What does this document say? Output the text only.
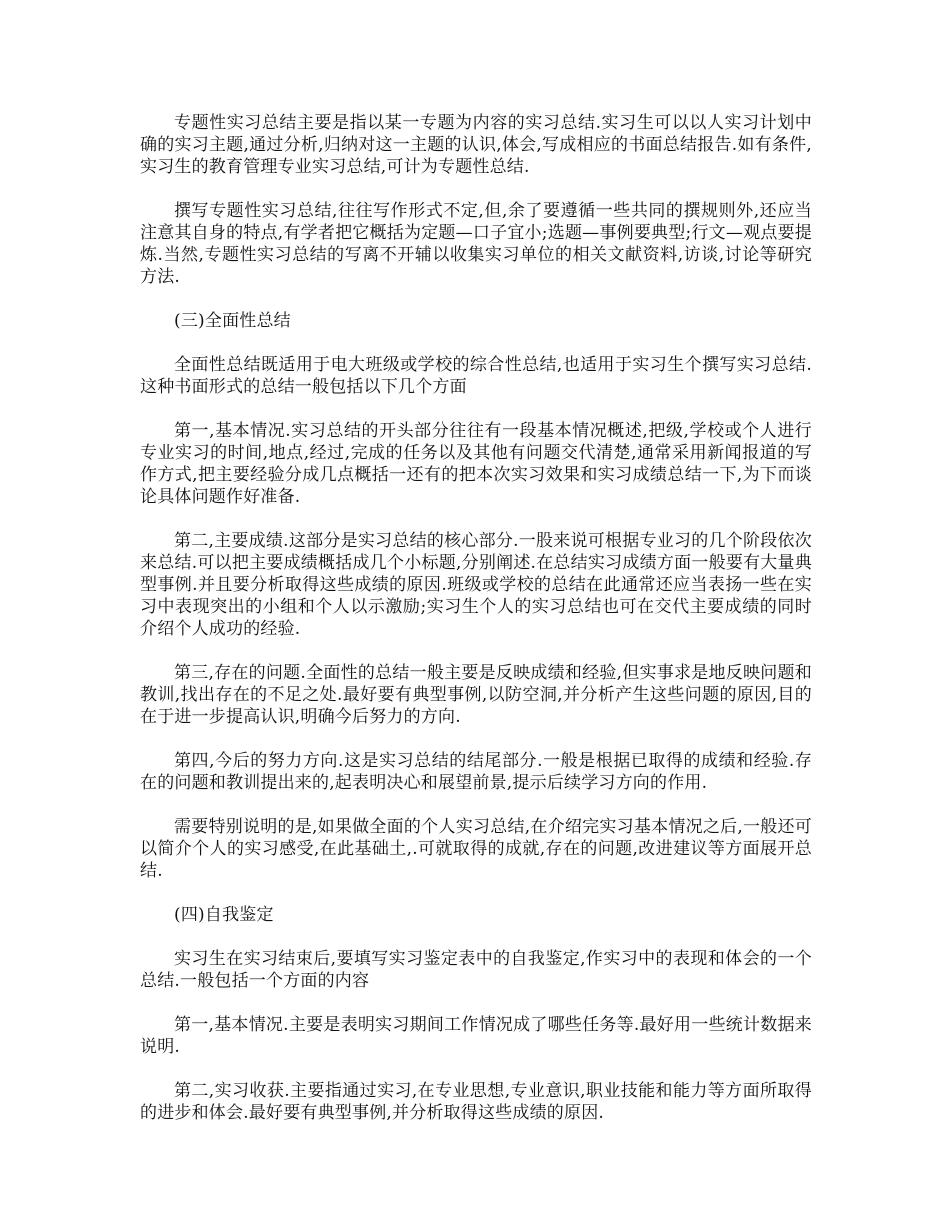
专题性实习总结主要是指以某一专题为内容的实习总结.实习生可以以人实习计划中确的实习主题,通过分析,归纳对这一主题的认识,体会,写成相应的书面总结报告.如有条件,实习生的教育管理专业实习总结,可计为专题性总结.

撰写专题性实习总结,往往写作形式不定,但,余了要遵循一些共同的撰规则外,还应当注意其自身的特点,有学者把它概括为定题—口子宜小;选题—事例要典型;行文—观点要提炼.当然,专题性实习总结的写离不开辅以收集实习单位的相关文献资料,访谈,讨论等研究方法.

(三)全面性总结

全面性总结既适用于电大班级或学校的综合性总结,也适用于实习生个撰写实习总结.这种书面形式的总结一般包括以下几个方面

第一,基本情况.实习总结的开头部分往往有一段基本情况概述,把级,学校或个人进行专业实习的时间,地点,经过,完成的任务以及其他有问题交代清楚,通常采用新闻报道的写作方式,把主要经验分成几点概括一还有的把本次实习效果和实习成绩总结一下,为下而谈论具体问题作好准备.

第二,主要成绩.这部分是实习总结的核心部分.一股来说可根据专业习的几个阶段依次来总结.可以把主要成绩概括成几个小标题,分别阐述.在总结实习成绩方面一般要有大量典型事例.并且要分析取得这些成绩的原因.班级或学校的总结在此通常还应当表扬一些在实习中表现突出的小组和个人以示激励;实习生个人的实习总结也可在交代主要成绩的同时介绍个人成功的经验.

第三,存在的问题.全面性的总结一般主要是反映成绩和经验,但实事求是地反映问题和教训,找出存在的不足之处.最好要有典型事例,以防空洞,并分析产生这些问题的原因,目的在于进一步提高认识,明确今后努力的方向.

第四,今后的努力方向.这是实习总结的结尾部分.一般是根据已取得的成绩和经验.存在的问题和教训提出来的,起表明决心和展望前景,提示后续学习方向的作用.

需要特别说明的是,如果做全面的个人实习总结,在介绍完实习基本情况之后,一般还可以简介个人的实习感受,在此基础土,.可就取得的成就,存在的问题,改进建议等方面展开总结.

(四)自我鉴定

实习生在实习结束后,要填写实习鉴定表中的自我鉴定,作实习中的表现和体会的一个总结.一般包括一个方面的内容

第一,基本情况.主要是表明实习期间工作情况成了哪些任务等.最好用一些统计数据来说明.

第二,实习收获.主要指通过实习,在专业思想,专业意识,职业技能和能力等方面所取得的进步和体会.最好要有典型事例,并分析取得这些成绩的原因.
